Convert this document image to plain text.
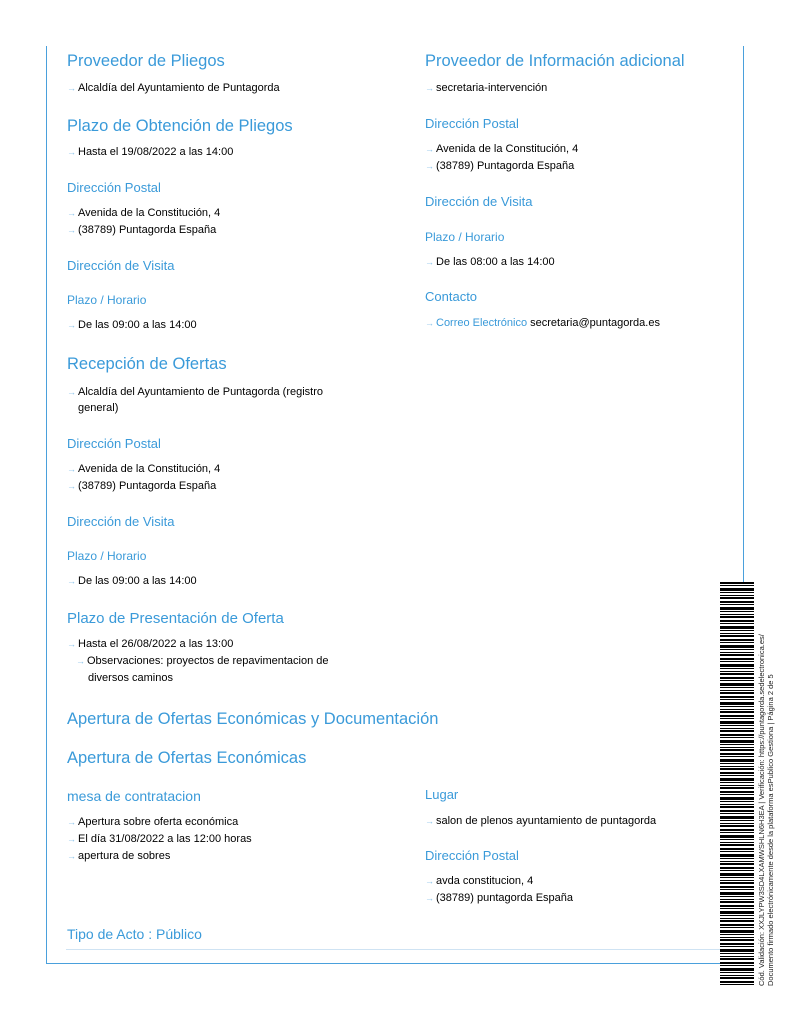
Proveedor de Pliegos
→ Alcaldía del Ayuntamiento de Puntagorda
Plazo de Obtención de Pliegos
→ Hasta el 19/08/2022 a las 14:00
Dirección Postal
→ Avenida de la Constitución, 4
→ (38789) Puntagorda España
Dirección de Visita
Plazo / Horario
→ De las 09:00 a las 14:00
Recepción de Ofertas
→ Alcaldía del Ayuntamiento de Puntagorda (registro
general)
Dirección Postal
→ Avenida de la Constitución, 4
→ (38789) Puntagorda España
Dirección de Visita
Plazo / Horario
→ De las 09:00 a las 14:00
Plazo de Presentación de Oferta
→ Hasta el 26/08/2022 a las 13:00
→ Observaciones: proyectos de repavimentacion de
diversos caminos
Proveedor de Información adicional
→ secretaria-intervención
Dirección Postal
→ Avenida de la Constitución, 4
→ (38789) Puntagorda España
Dirección de Visita
Plazo / Horario
→ De las 08:00 a las 14:00
Contacto
→ Correo Electrónico secretaria@puntagorda.es
Apertura de Ofertas Económicas y Documentación
Apertura de Ofertas Económicas
mesa de contratacion
→ Apertura sobre oferta económica
→ El día 31/08/2022 a las 12:00 horas
→ apertura de sobres
Lugar
→ salon de plenos ayuntamiento de puntagorda
Dirección Postal
→ avda constitucion, 4
→ (38789) puntagorda España
Tipo de Acto : Público	Cód. Validación: XXJLYPW3SD4LXAMWSHLN6H3EA | Verificación: https://puntagorda.sedelectronica.es/ Documento firmado electrónicamente desde la plataforma esPublico Gestiona | Página 2 de 5
